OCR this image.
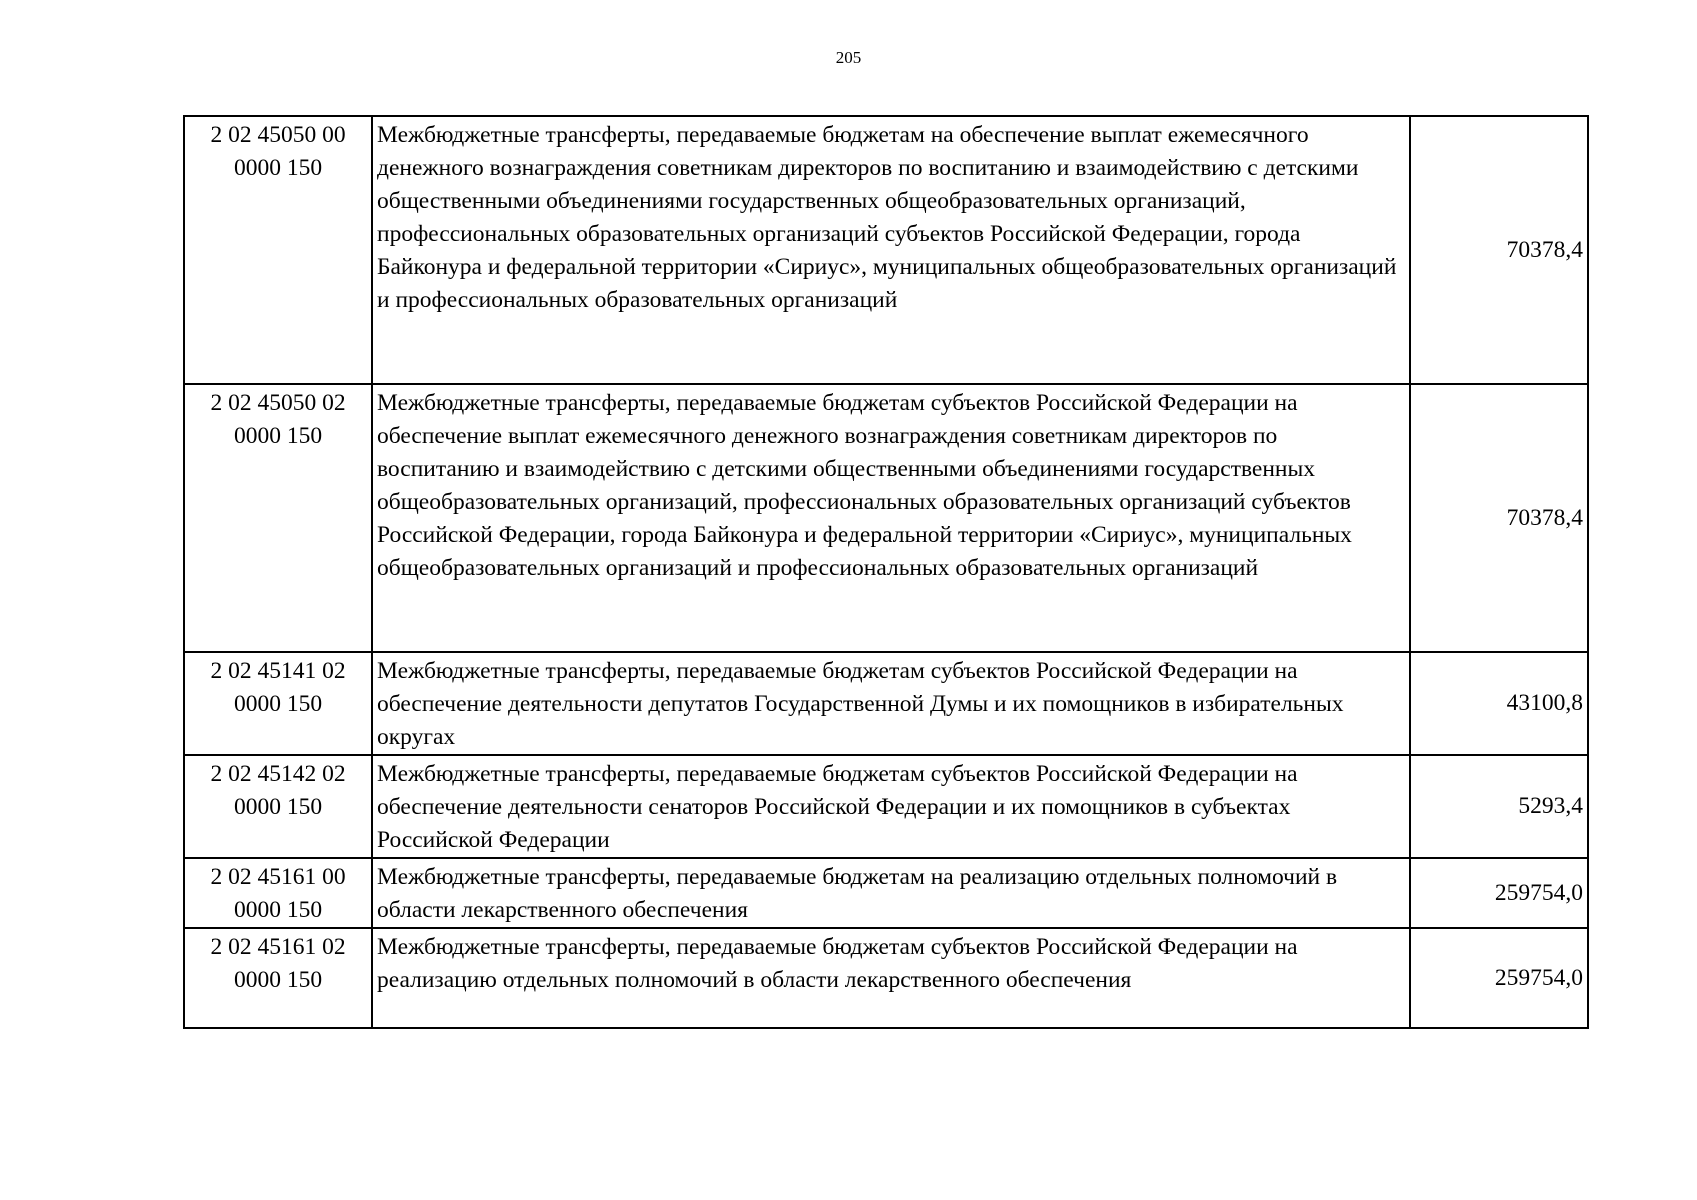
205
2 02 45050 00
0000 150	Межбюджетные трансферты, передаваемые бюджетам на обеспечение выплат ежемесячного денежного вознаграждения советникам директоров по воспитанию и взаимодействию с детскими общественными объединениями государственных общеобразовательных организаций, профессиональных образовательных организаций субъектов Российской Федерации, города Байконура и федеральной территории «Сириус», муниципальных общеобразовательных организаций и профессиональных образовательных организаций	70378,4

2 02 45050 02
0000 150	Межбюджетные трансферты, передаваемые бюджетам субъектов Российской Федерации на обеспечение выплат ежемесячного денежного вознаграждения советникам директоров по воспитанию и взаимодействию с детскими общественными объединениями государственных общеобразовательных организаций, профессиональных образовательных организаций субъектов Российской Федерации, города Байконура и федеральной территории «Сириус», муниципальных общеобразовательных организаций и профессиональных образовательных организаций	70378,4

2 02 45141 02
0000 150	Межбюджетные трансферты, передаваемые бюджетам субъектов Российской Федерации на обеспечение деятельности депутатов Государственной Думы и их помощников в избирательных округах	43100,8

2 02 45142 02
0000 150	Межбюджетные трансферты, передаваемые бюджетам субъектов Российской Федерации на обеспечение деятельности сенаторов Российской Федерации и их помощников в субъектах Российской Федерации	5293,4

2 02 45161 00
0000 150	Межбюджетные трансферты, передаваемые бюджетам на реализацию отдельных полномочий в области лекарственного обеспечения	259754,0

2 02 45161 02
0000 150	Межбюджетные трансферты, передаваемые бюджетам субъектов Российской Федерации на реализацию отдельных полномочий в области лекарственного обеспечения	259754,0
